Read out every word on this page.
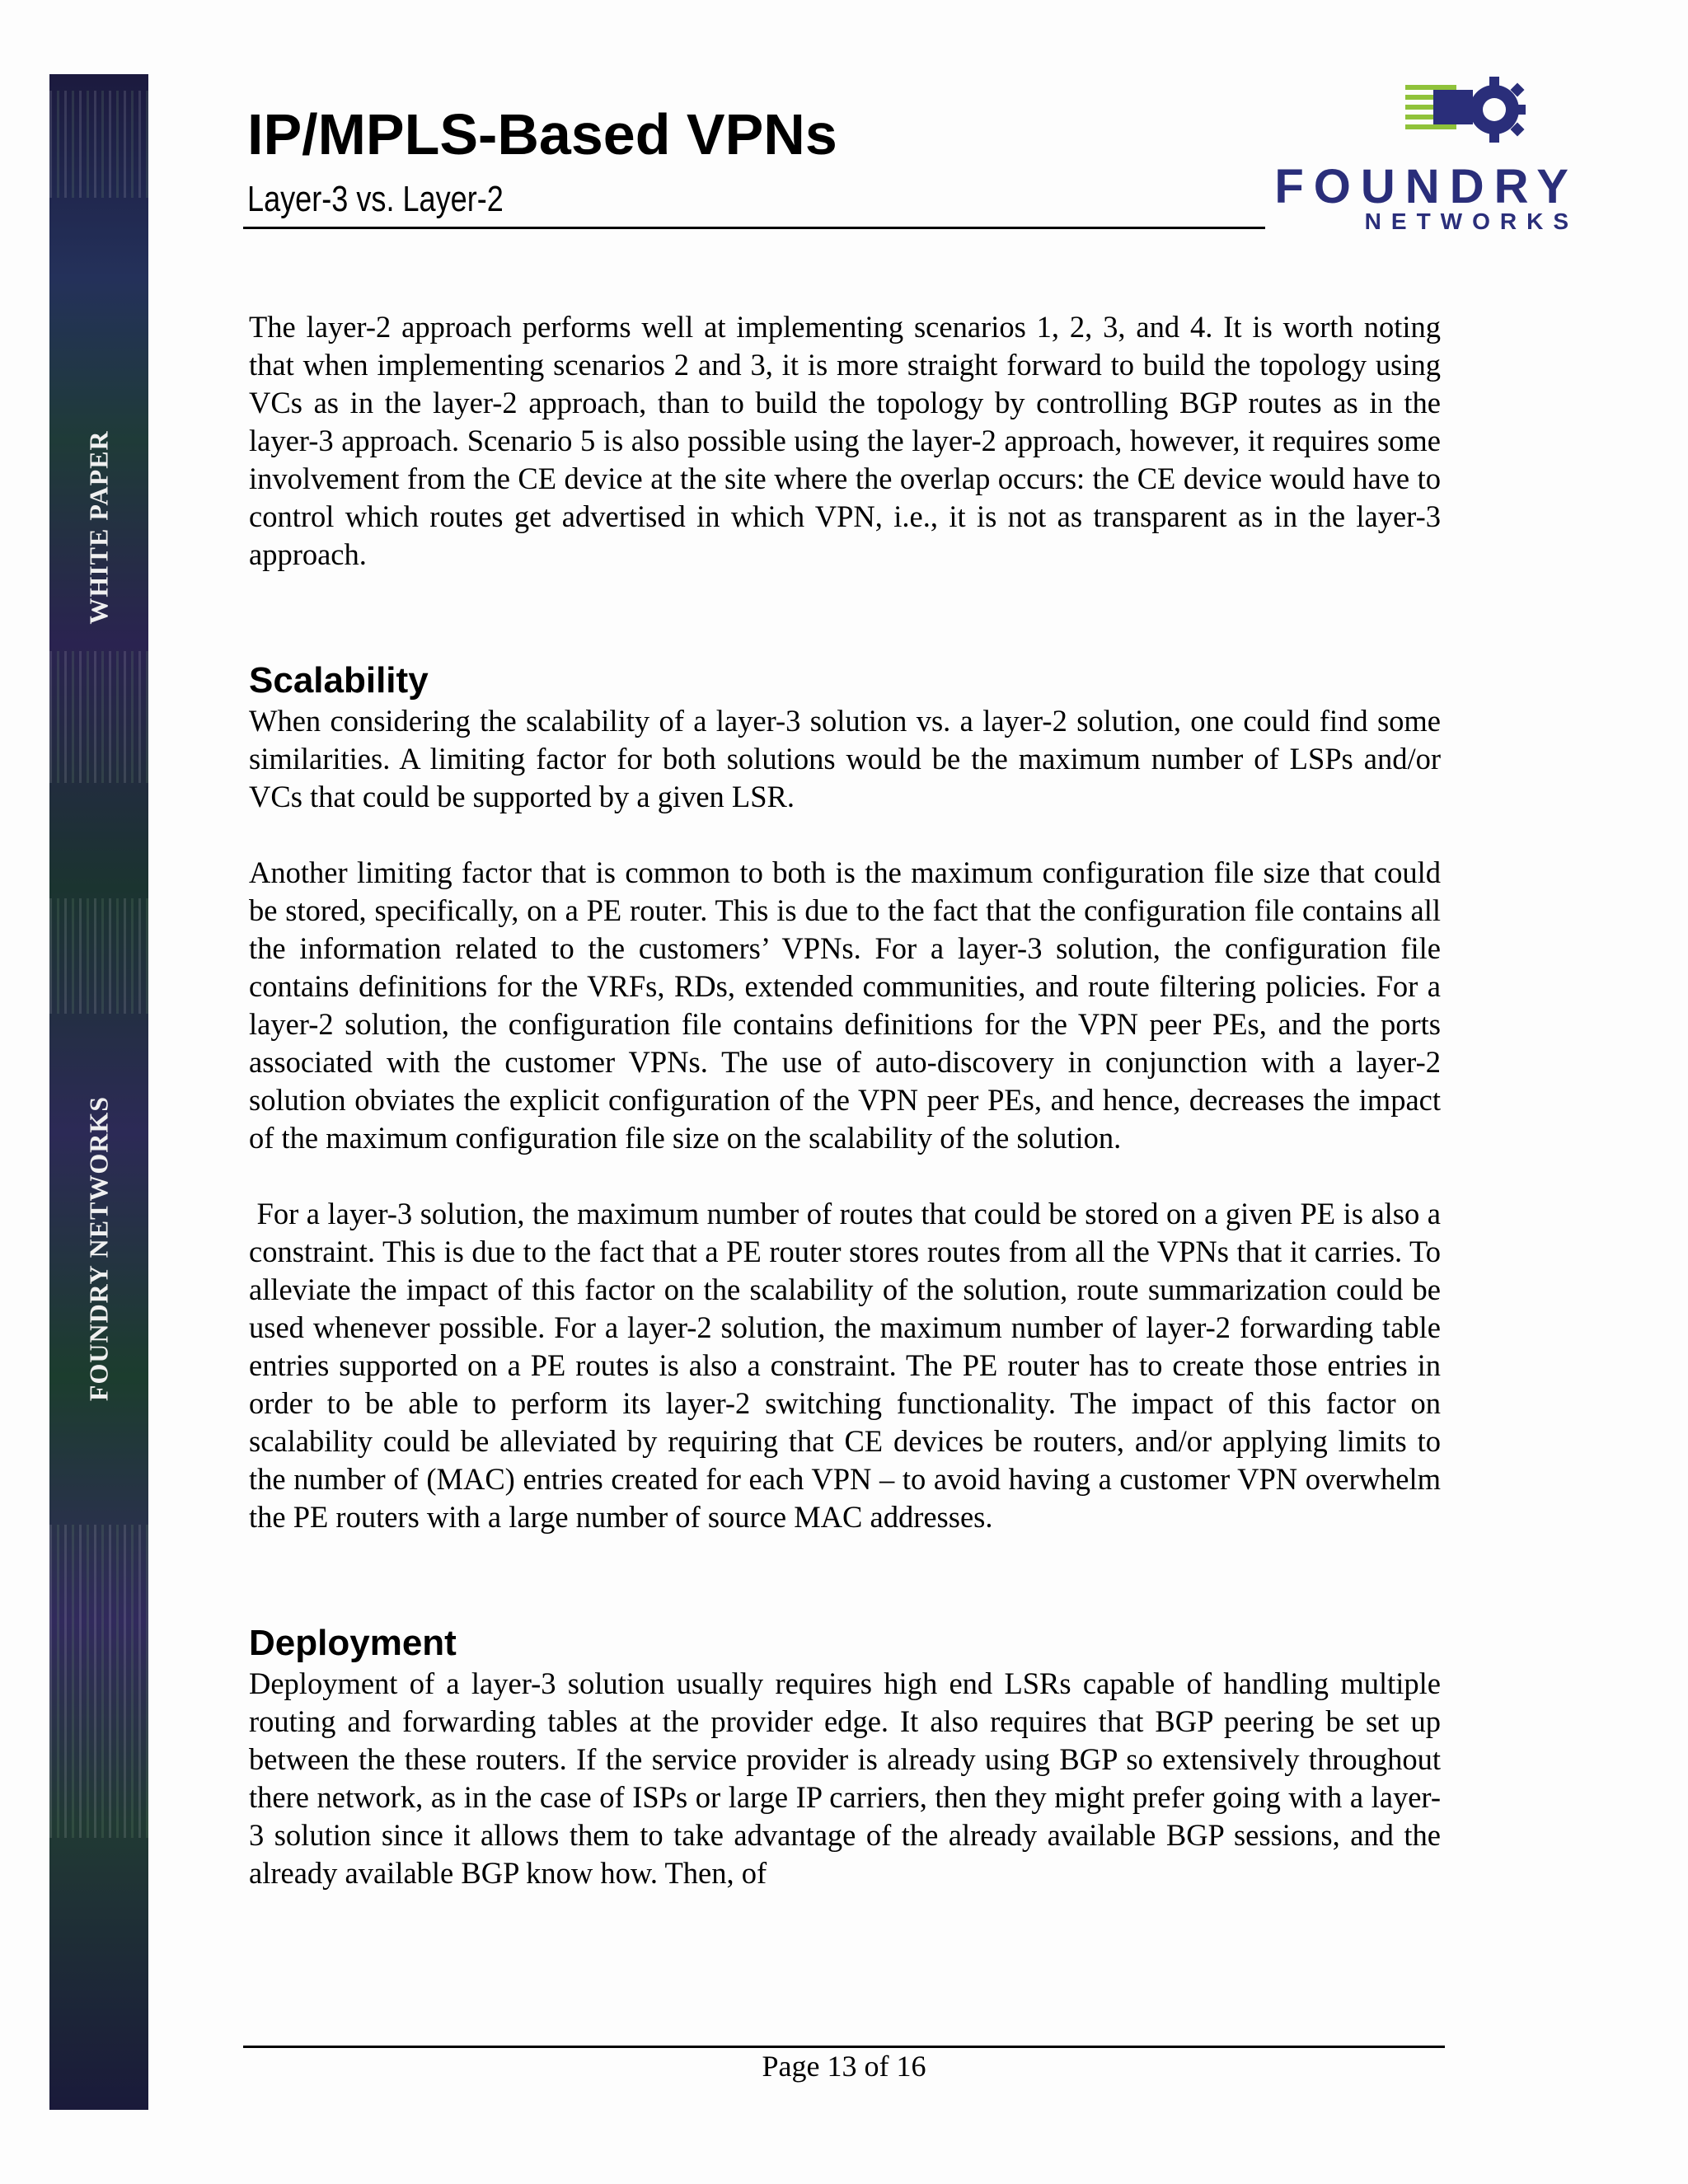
WHITE PAPER
FOUNDRY NETWORKS
IP/MPLS-Based VPNs
Layer-3 vs. Layer-2	FOUNDRY
NETWORKS

The layer-2 approach performs well at implementing scenarios 1, 2, 3, and 4. It is worth noting that when implementing scenarios 2 and 3, it is more straight forward to build the topology using VCs as in the layer-2 approach, than to build the topology by controlling BGP routes as in the layer-3 approach. Scenario 5 is also possible using the layer-2 approach, however, it requires some involvement from the CE device at the site where the overlap occurs: the CE device would have to control which routes get advertised in which VPN, i.e., it is not as transparent as in the layer-3 approach.

Scalability

When considering the scalability of a layer-3 solution vs. a layer-2 solution, one could find some similarities. A limiting factor for both solutions would be the maximum number of LSPs and/or VCs that could be supported by a given LSR.

Another limiting factor that is common to both is the maximum configuration file size that could be stored, specifically, on a PE router. This is due to the fact that the configuration file contains all the information related to the customers’ VPNs. For a layer-3 solution, the configuration file contains definitions for the VRFs, RDs, extended communities, and route filtering policies. For a layer-2 solution, the configuration file contains definitions for the VPN peer PEs, and the ports associated with the customer VPNs. The use of auto-discovery in conjunction with a layer-2 solution obviates the explicit configuration of the VPN peer PEs, and hence, decreases the impact of the maximum configuration file size on the scalability of the solution.

For a layer-3 solution, the maximum number of routes that could be stored on a given PE is also a constraint. This is due to the fact that a PE router stores routes from all the VPNs that it carries. To alleviate the impact of this factor on the scalability of the solution, route summarization could be used whenever possible. For a layer-2 solution, the maximum number of layer-2 forwarding table entries supported on a PE routes is also a constraint. The PE router has to create those entries in order to be able to perform its layer-2 switching functionality. The impact of this factor on scalability could be alleviated by requiring that CE devices be routers, and/or applying limits to the number of (MAC) entries created for each VPN – to avoid having a customer VPN overwhelm the PE routers with a large number of source MAC addresses.

Deployment

Deployment of a layer-3 solution usually requires high end LSRs capable of handling multiple routing and forwarding tables at the provider edge. It also requires that BGP peering be set up between the these routers. If the service provider is already using BGP so extensively throughout there network, as in the case of ISPs or large IP carriers, then they might prefer going with a layer-3 solution since it allows them to take advantage of the already available BGP sessions, and the already available BGP know how. Then, of

Page 13 of 16
